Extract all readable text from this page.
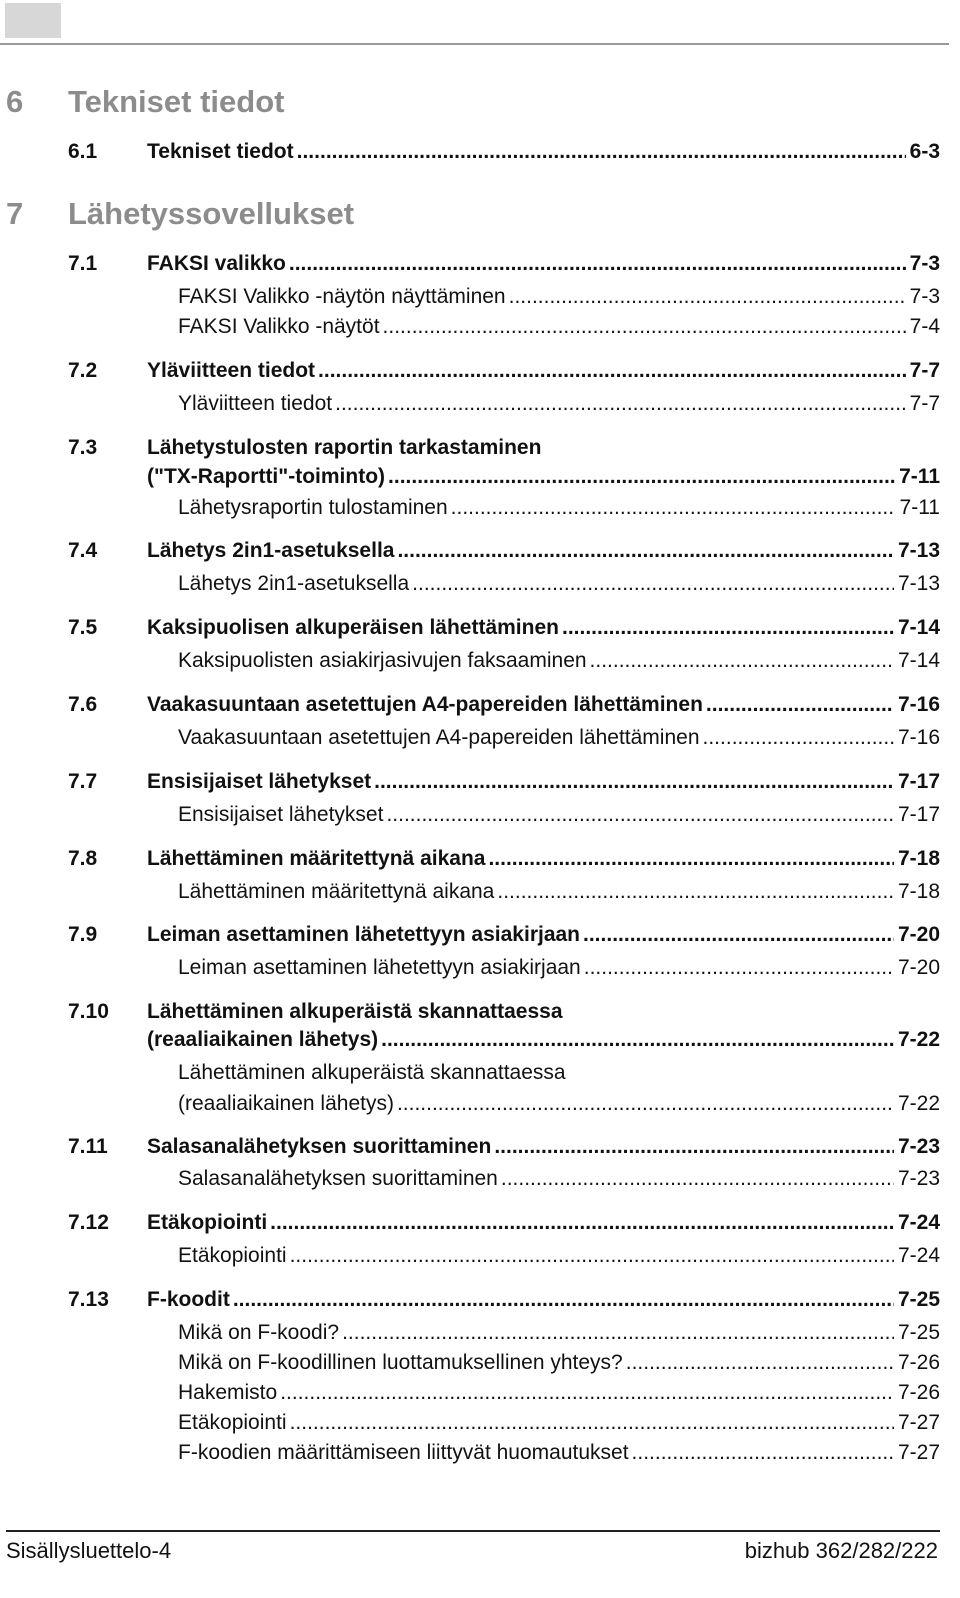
6 Tekniset tiedot
6.1 Tekniset tiedot .....	6-3
7 Lähetyssovellukset
7.1 FAKSI valikko .....	7-3
FAKSI Valikko -näytön näyttäminen .....	7-3
FAKSI Valikko -näytöt .....	7-4
7.2 Yläviitteen tiedot .....	7-7
Yläviitteen tiedot .....	7-7
7.3 Lähetystulosten raportin tarkastaminen
("TX-Raportti"-toiminto) .....	7-11
Lähetysraportin tulostaminen .....	7-11
7.4 Lähetys 2in1-asetuksella .....	7-13
Lähetys 2in1-asetuksella .....	7-13
7.5 Kaksipuolisen alkuperäisen lähettäminen .....	7-14
Kaksipuolisten asiakirjasivujen faksaaminen .....	7-14
7.6 Vaakasuuntaan asetettujen A4-papereiden lähettäminen .....	7-16
Vaakasuuntaan asetettujen A4-papereiden lähettäminen .....	7-16
7.7 Ensisijaiset lähetykset .....	7-17
Ensisijaiset lähetykset .....	7-17
7.8 Lähettäminen määritettynä aikana .....	7-18
Lähettäminen määritettynä aikana .....	7-18
7.9 Leiman asettaminen lähetettyyn asiakirjaan .....	7-20
Leiman asettaminen lähetettyyn asiakirjaan .....	7-20
7.10 Lähettäminen alkuperäistä skannattaessa
(reaaliaikainen lähetys) .....	7-22
Lähettäminen alkuperäistä skannattaessa
(reaaliaikainen lähetys) .....	7-22
7.11 Salasanalähetyksen suorittaminen .....	7-23
Salasanalähetyksen suorittaminen .....	7-23
7.12 Etäkopiointi .....	7-24
Etäkopiointi .....	7-24
7.13 F-koodit .....	7-25
Mikä on F-koodi? .....	7-25
Mikä on F-koodillinen luottamuksellinen yhteys? .....	7-26
Hakemisto .....	7-26
Etäkopiointi .....	7-27
F-koodien määrittämiseen liittyvät huomautukset .....	7-27
Sisällysluettelo-4	bizhub 362/282/222
